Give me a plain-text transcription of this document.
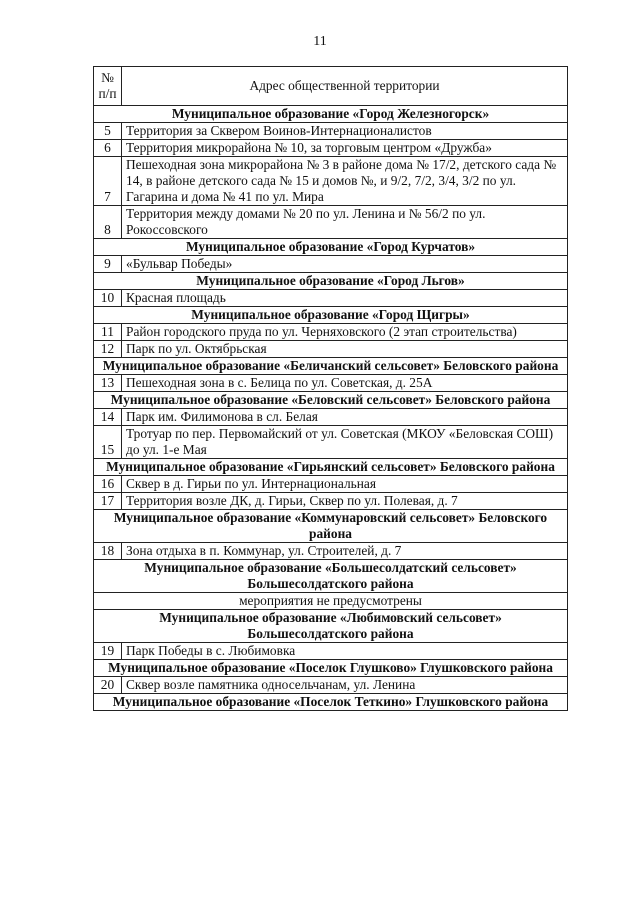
11
№
п/п	Адрес общественной территории
Муниципальное образование «Город Железногорск»	
5	Территория за Сквером Воинов-Интернационалистов
6	Территория микрорайона № 10, за торговым центром «Дружба»
7	Пешеходная зона микрорайона № 3 в районе дома № 17/2, детского сада № 14, в районе детского сада № 15 и домов №, и 9/2, 7/2, 3/4, 3/2 по ул. Гагарина и дома № 41 по ул. Мира
8	Территория между домами № 20 по ул. Ленина и № 56/2 по ул. Рокоссовского
Муниципальное образование «Город Курчатов»	
9	«Бульвар Победы»
Муниципальное образование «Город Льгов»	
10	Красная площадь
Муниципальное образование «Город Щигры»	
11	Район городского пруда по ул. Черняховского (2 этап строительства)
12	Парк по ул. Октябрьская
Муниципальное образование «Беличанский сельсовет» Беловского района	
13	Пешеходная зона в с. Белица по ул. Советская, д. 25А
Муниципальное образование «Беловский сельсовет» Беловского района	
14	Парк им. Филимонова в сл. Белая
15	Тротуар по пер. Первомайский от ул. Советская (МКОУ «Беловская СОШ) до ул. 1-е Мая
Муниципальное образование «Гирьянский сельсовет» Беловского района	
16	Сквер в д. Гирьи по ул. Интернациональная
17	Территория возле ДК, д. Гирьи, Сквер по ул. Полевая, д. 7
Муниципальное образование «Коммунаровский сельсовет» Беловского района	
18	Зона отдыха в п. Коммунар, ул. Строителей, д. 7
Муниципальное образование «Большесолдатский сельсовет» Большесолдатского района	
мероприятия не предусмотрены	
Муниципальное образование «Любимовский сельсовет» Большесолдатского района	
19	Парк Победы в с. Любимовка
Муниципальное образование «Поселок Глушково» Глушковского района	
20	Сквер возле памятника односельчанам, ул. Ленина
Муниципальное образование «Поселок Теткино» Глушковского района	
